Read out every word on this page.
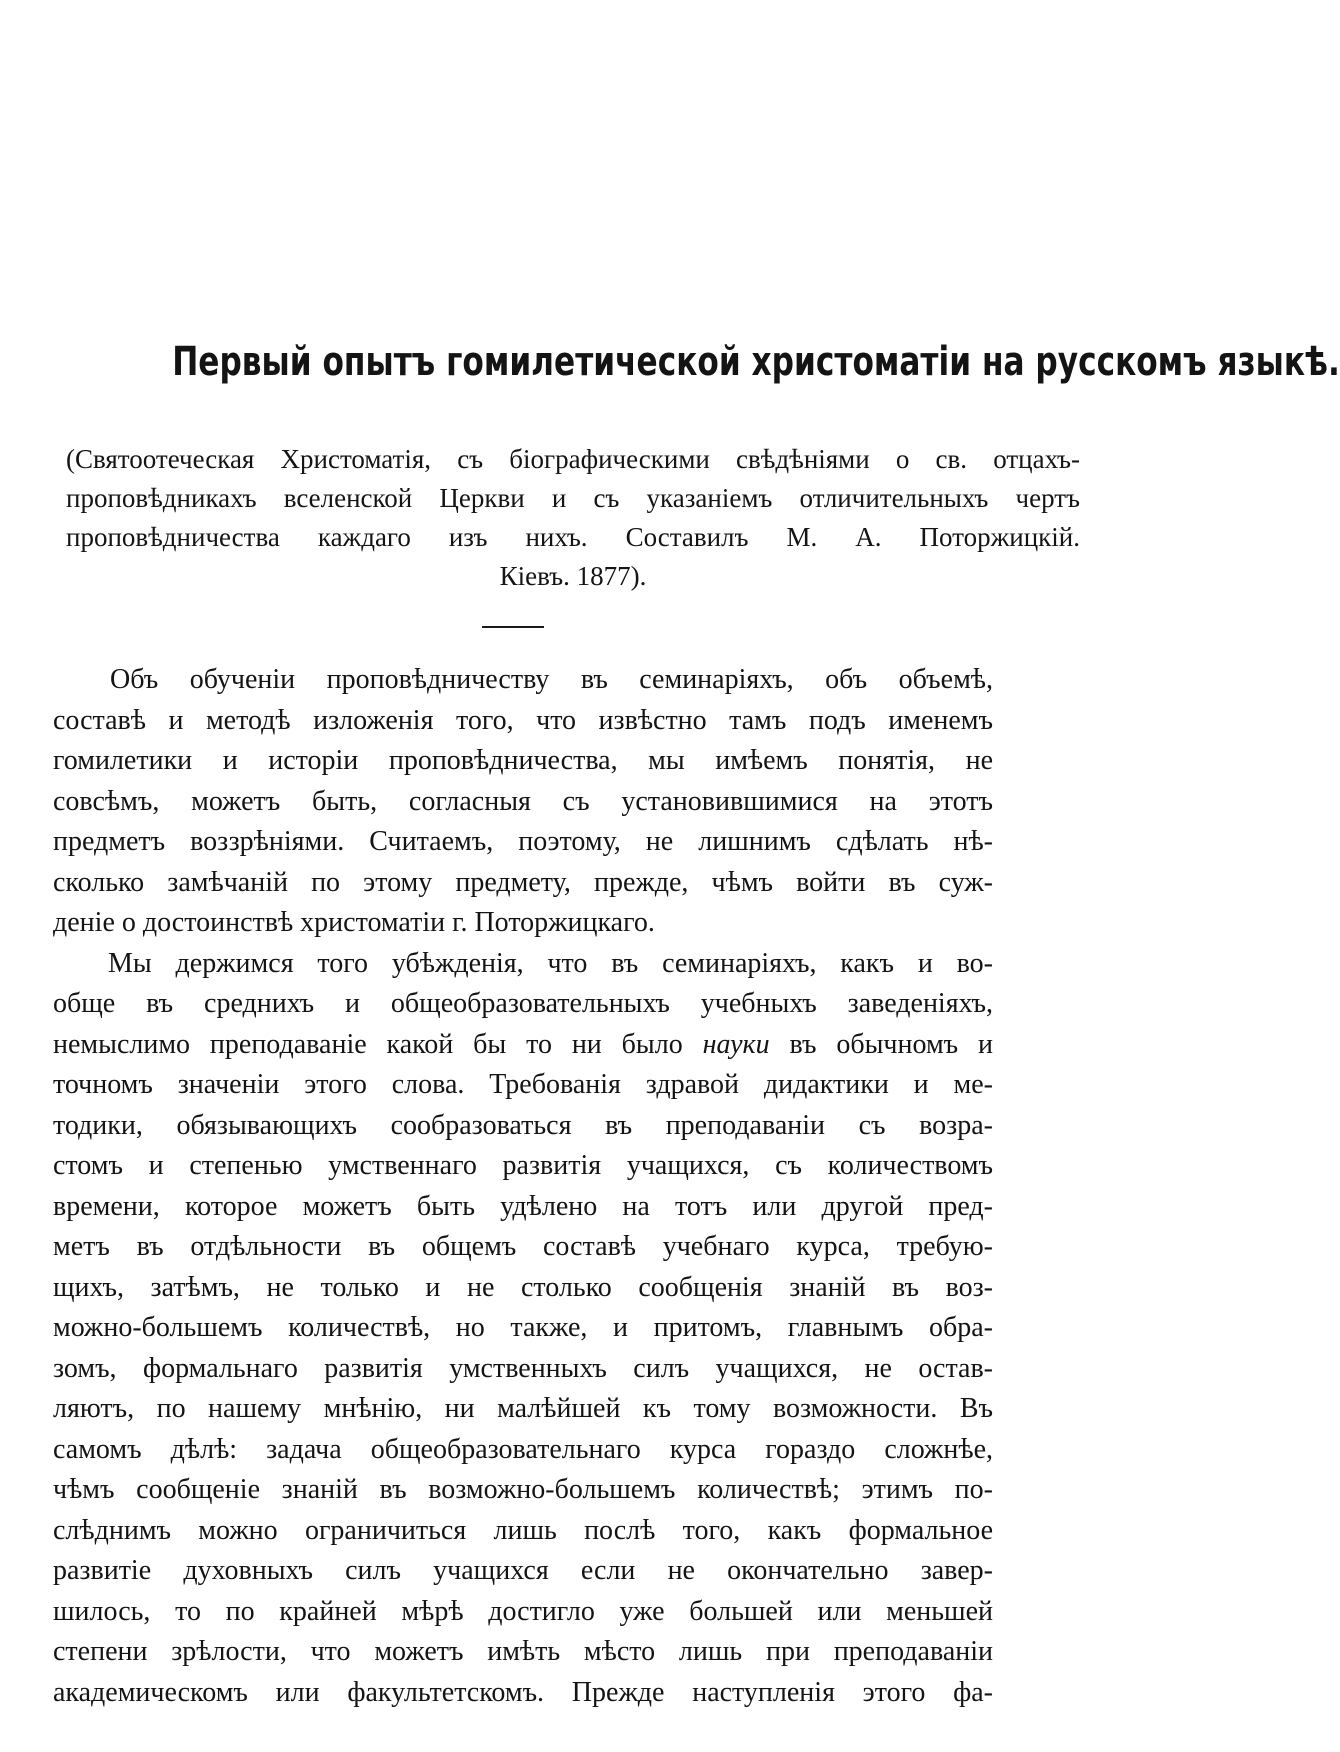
Первый опытъ гомилетической христоматіи на русскомъ языкѣ.
(Святоотеческая Христоматія, съ біографическими свѣдѣніями о св. отцахъ-
проповѣдникахъ вселенской Церкви и съ указаніемъ отличительныхъ чертъ
проповѣдничества каждаго изъ нихъ. Составилъ М. А. Поторжицкій.
Кіевъ. 1877).
Объ обученіи проповѣдничеству въ семинаріяхъ, объ объемѣ,
составѣ и методѣ изложенія того, что извѣстно тамъ подъ именемъ
гомилетики и исторіи проповѣдничества, мы имѣемъ понятія, не
совсѣмъ, можетъ быть, согласныя съ установившимися на этотъ
предметъ воззрѣніями. Считаемъ, поэтому, не лишнимъ сдѣлать нѣ-
сколько замѣчаній по этому предмету, прежде, чѣмъ войти въ суж-
деніе о достоинствѣ христоматіи г. Поторжицкаго.
Мы держимся того убѣжденія, что въ семинаріяхъ, какъ и во-
обще въ среднихъ и общеобразовательныхъ учебныхъ заведеніяхъ,
немыслимо преподаваніе какой бы то ни было науки въ обычномъ и
точномъ значеніи этого слова. Требованія здравой дидактики и ме-
тодики, обязывающихъ сообразоваться въ преподаваніи съ возра-
стомъ и степенью умственнаго развитія учащихся, съ количествомъ
времени, которое можетъ быть удѣлено на тотъ или другой пред-
метъ въ отдѣльности въ общемъ составѣ учебнаго курса, требую-
щихъ, затѣмъ, не только и не столько сообщенія знаній въ воз-
можно-большемъ количествѣ, но также, и притомъ, главнымъ обра-
зомъ, формальнаго развитія умственныхъ силъ учащихся, не остав-
ляютъ, по нашему мнѣнію, ни малѣйшей къ тому возможности. Въ
самомъ дѣлѣ: задача общеобразовательнаго курса гораздо сложнѣе,
чѣмъ сообщеніе знаній въ возможно-большемъ количествѣ; этимъ по-
слѣднимъ можно ограничиться лишь послѣ того, какъ формальное
развитіе духовныхъ силъ учащихся если не окончательно завер-
шилось, то по крайней мѣрѣ достигло уже большей или меньшей
степени зрѣлости, что можетъ имѣть мѣсто лишь при преподаваніи
академическомъ или факультетскомъ. Прежде наступленія этого фа-
